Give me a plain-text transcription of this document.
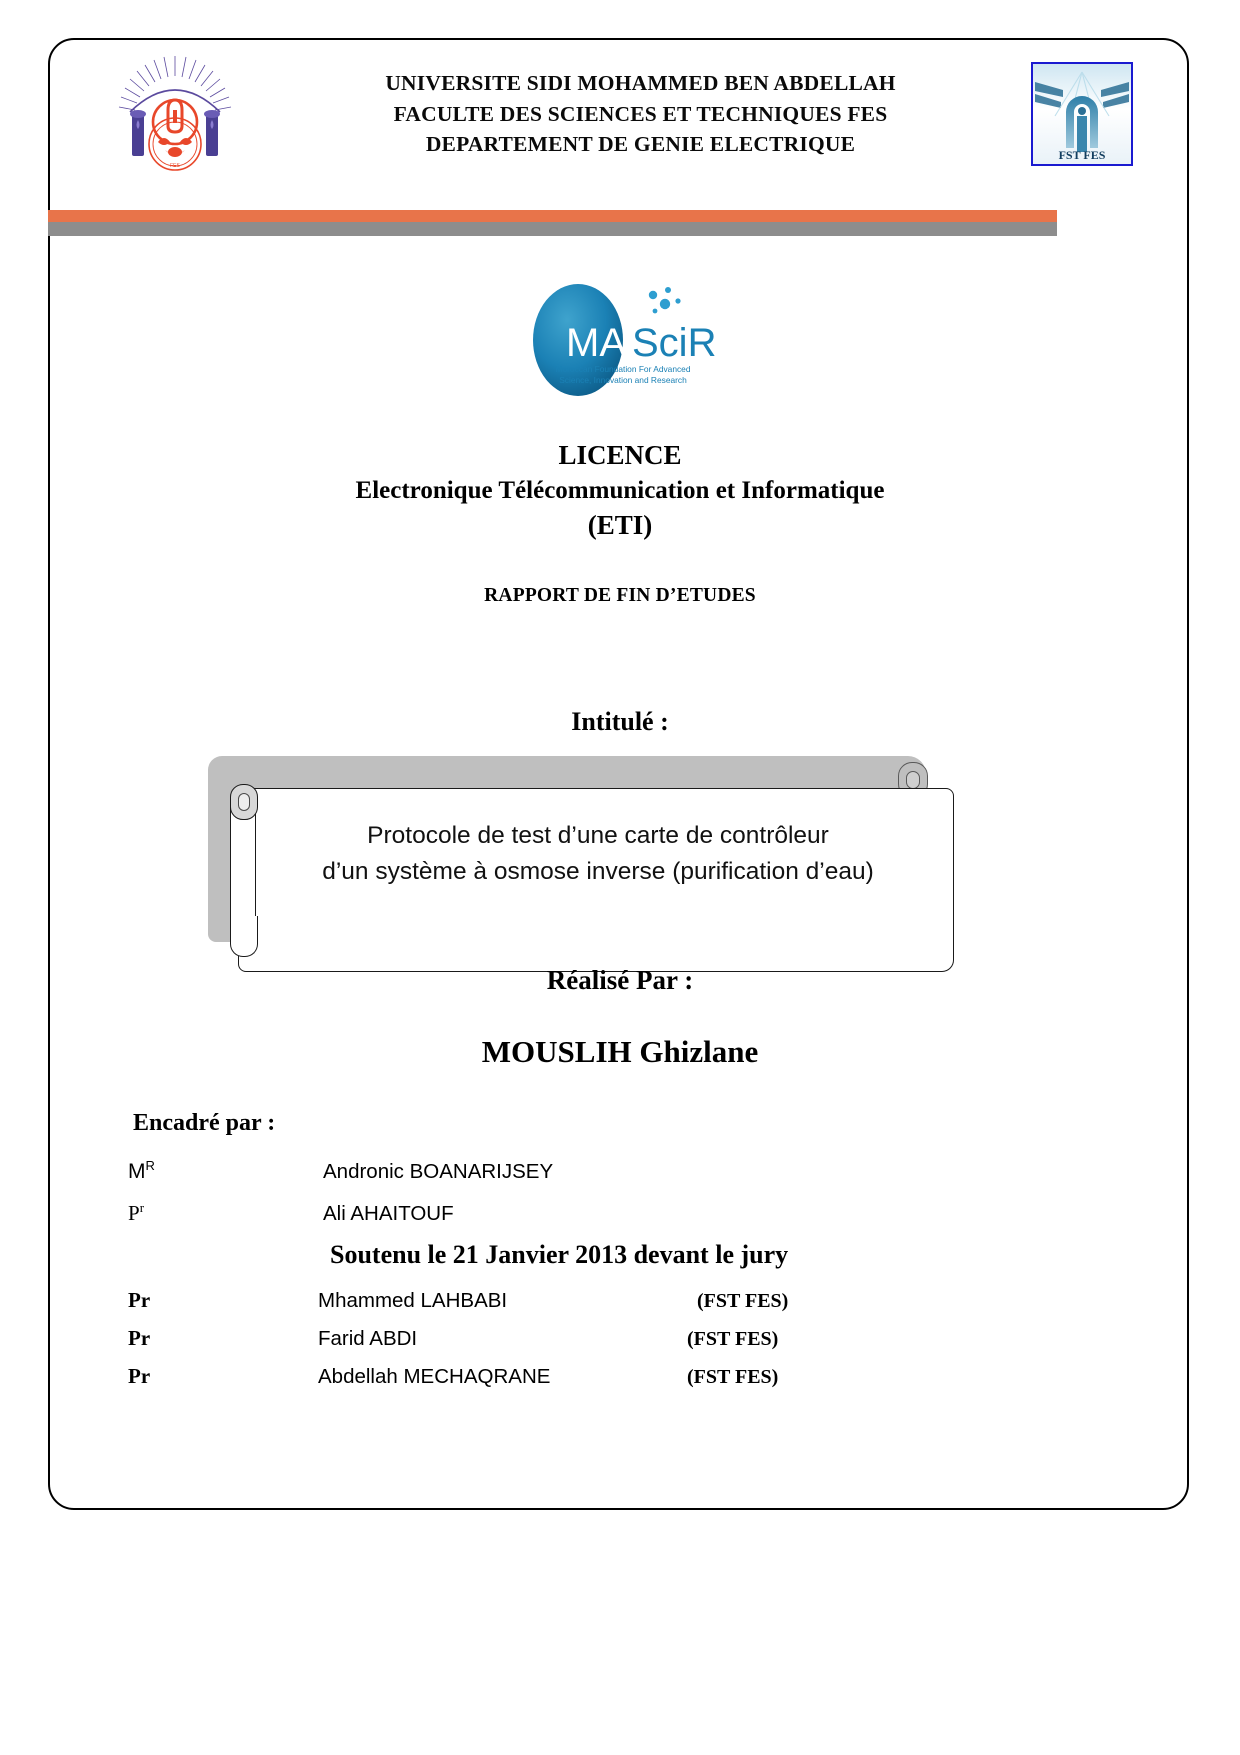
FES
UNIVERSITE SIDI MOHAMMED BEN ABDELLAH
FACULTE DES SCIENCES ET TECHNIQUES FES
DEPARTEMENT DE GENIE ELECTRIQUE	FST FES
MA SciR
Moroccan Foundation For Advanced
Science, Innovation and Research
LICENCE
Electronique Télécommunication et Informatique
(ETI)
RAPPORT DE FIN D’ETUDES
Intitulé :
Protocole de test d’une carte de contrôleur
d’un système à osmose inverse (purification d’eau)
Réalisé Par :
MOUSLIH Ghizlane
Encadré par :
$M^R$	Andronic BOANARIJSEY
$P^r$	Ali AHAITOUF
Soutenu le 21 Janvier 2013 devant le jury
Pr	Mhammed LAHBABI	(FST FES)
Pr	Farid ABDI	(FST FES)
Pr	Abdellah MECHAQRANE	(FST FES)
